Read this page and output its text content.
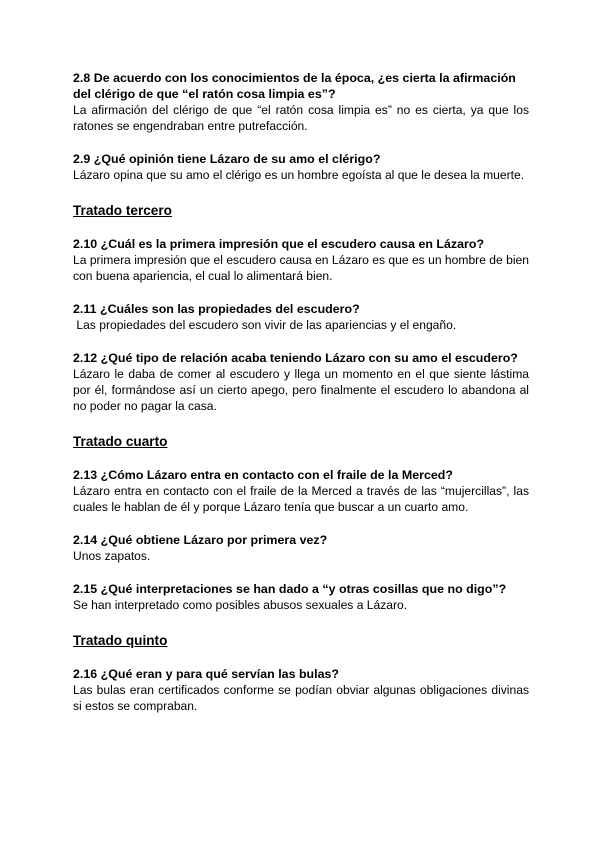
2.8 De acuerdo con los conocimientos de la época, ¿es cierta la afirmación del clérigo de que “el ratón cosa limpia es”?

La afirmación del clérigo de que “el ratón cosa limpia es” no es cierta, ya que los ratones se engendraban entre putrefacción.

2.9 ¿Qué opinión tiene Lázaro de su amo el clérigo?

Lázaro opina que su amo el clérigo es un hombre egoísta al que le desea la muerte.

Tratado tercero

2.10 ¿Cuál es la primera impresión que el escudero causa en Lázaro?

La primera impresión que el escudero causa en Lázaro es que es un hombre de bien con buena apariencia, el cual lo alimentará bien.

2.11 ¿Cuáles son las propiedades del escudero?

Las propiedades del escudero son vivir de las apariencias y el engaño.

2.12 ¿Qué tipo de relación acaba teniendo Lázaro con su amo el escudero?

Lázaro le daba de comer al escudero y llega un momento en el que siente lástima por él, formándose así un cierto apego, pero finalmente el escudero lo abandona al no poder no pagar la casa.

Tratado cuarto

2.13 ¿Cómo Lázaro entra en contacto con el fraile de la Merced?

Lázaro entra en contacto con el fraile de la Merced a través de las “mujercillas”, las cuales le hablan de él y porque Lázaro tenía que buscar a un cuarto amo.

2.14 ¿Qué obtiene Lázaro por primera vez?

Unos zapatos.

2.15 ¿Qué interpretaciones se han dado a “y otras cosillas que no digo”?

Se han interpretado como posibles abusos sexuales a Lázaro.

Tratado quinto

2.16 ¿Qué eran y para qué servían las bulas?

Las bulas eran certificados conforme se podían obviar algunas obligaciones divinas si estos se compraban.
